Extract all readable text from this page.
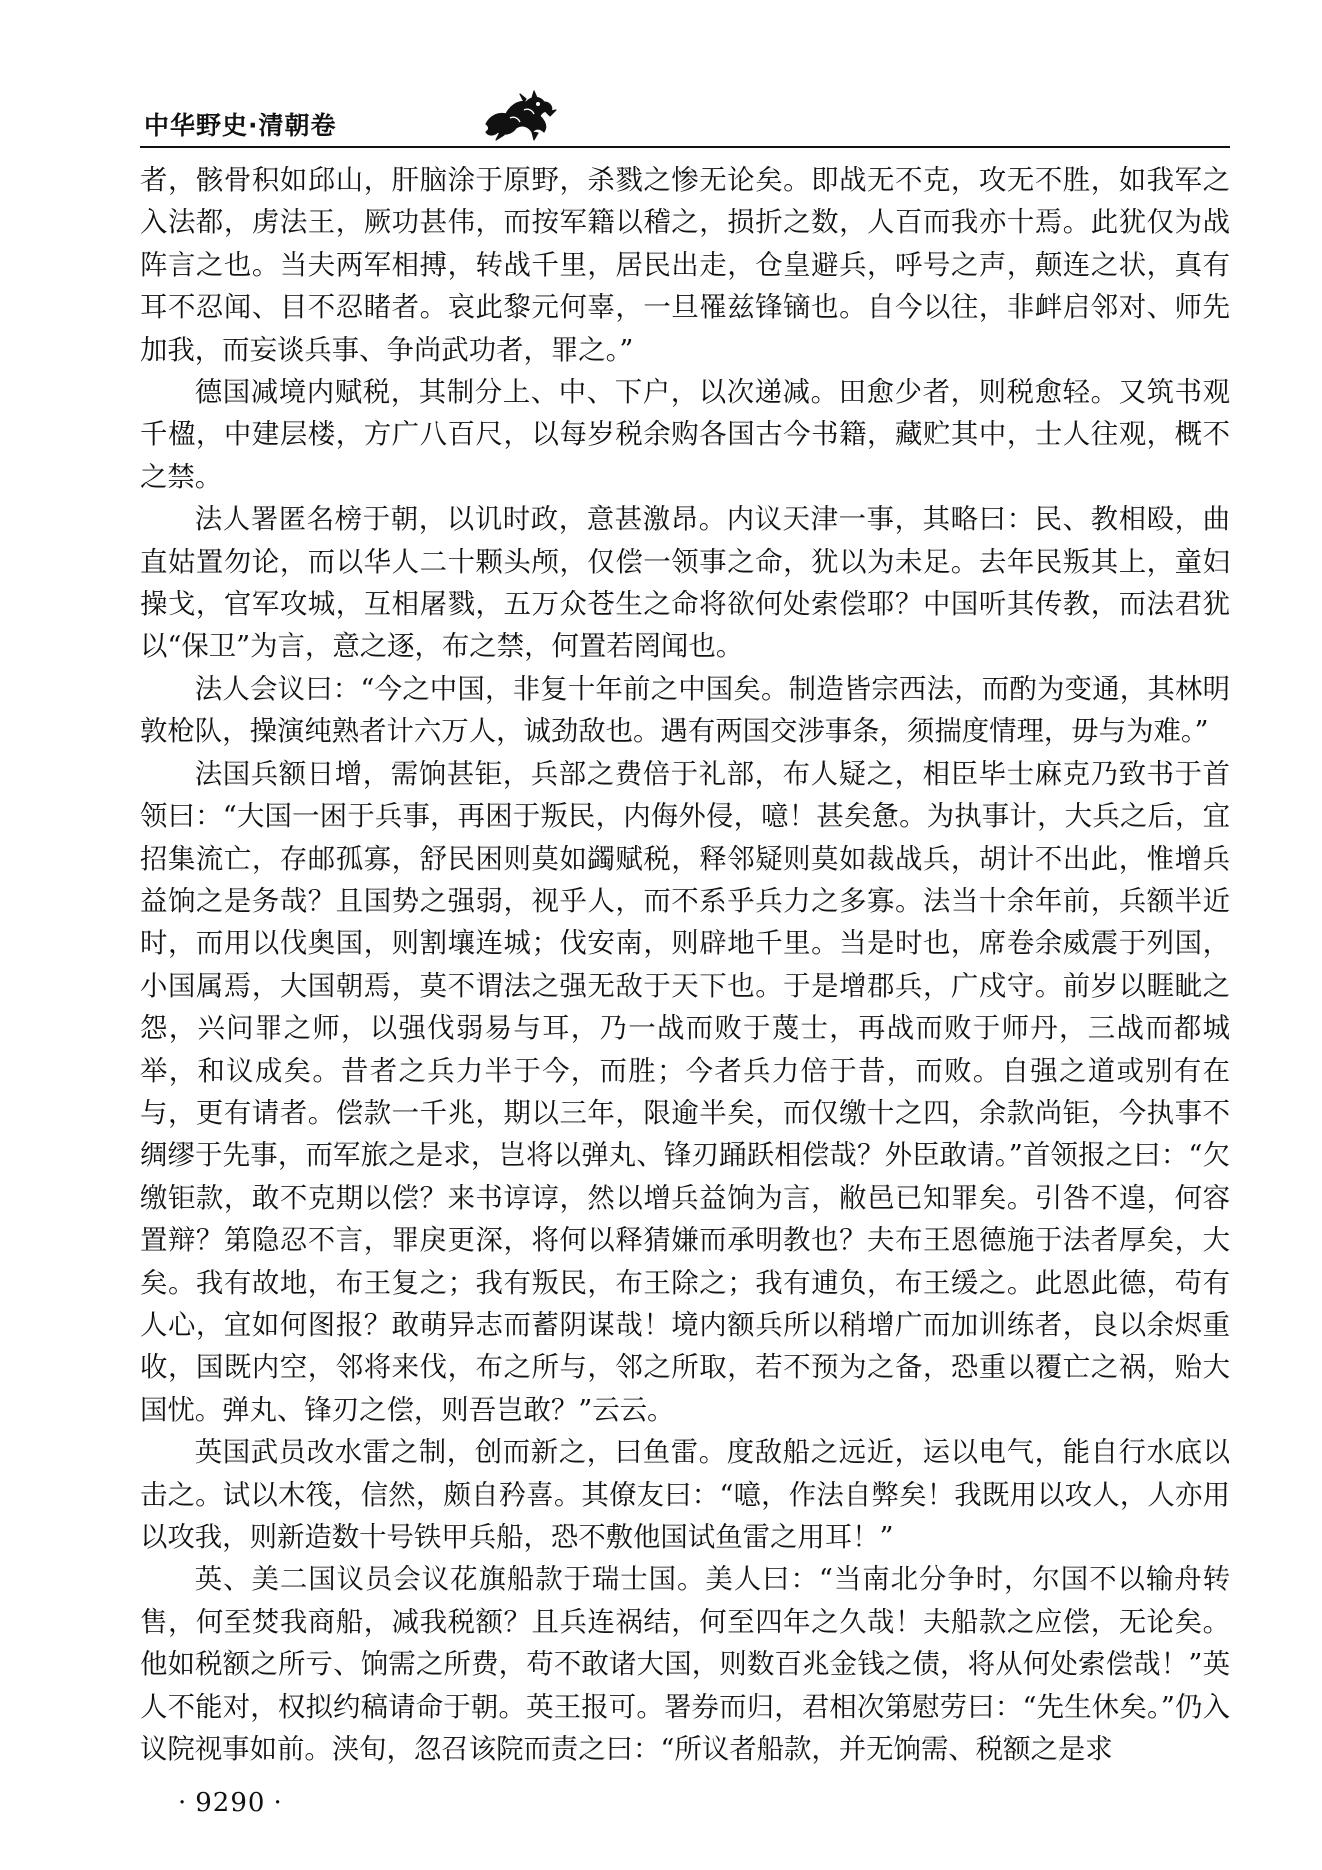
中华野史·清朝卷

者，骸骨积如邱山，肝脑涂于原野，杀戮之惨无论矣。即战无不克，攻无不胜，如我军之入法都，虏法王，厥功甚伟，而按军籍以稽之，损折之数，人百而我亦十焉。此犹仅为战阵言之也。当夫两军相搏，转战千里，居民出走，仓皇避兵，呼号之声，颠连之状，真有耳不忍闻、目不忍睹者。哀此黎元何辜，一旦罹兹锋镝也。自今以往，非衅启邻对、师先加我，而妄谈兵事、争尚武功者，罪之。”

德国减境内赋税，其制分上、中、下户，以次递减。田愈少者，则税愈轻。又筑书观千楹，中建层楼，方广八百尺，以每岁税余购各国古今书籍，藏贮其中，士人往观，概不之禁。

法人署匿名榜于朝，以讥时政，意甚激昂。内议天津一事，其略曰：民、教相殴，曲直姑置勿论，而以华人二十颗头颅，仅偿一领事之命，犹以为未足。去年民叛其上，童妇操戈，官军攻城，互相屠戮，五万众苍生之命将欲何处索偿耶？中国听其传教，而法君犹以“保卫”为言，意之逐，布之禁，何置若罔闻也。

法人会议曰：“今之中国，非复十年前之中国矣。制造皆宗西法，而酌为变通，其林明敦枪队，操演纯熟者计六万人，诚劲敌也。遇有两国交涉事条，须揣度情理，毋与为难。”

法国兵额日增，需饷甚钜，兵部之费倍于礼部，布人疑之，相臣毕士麻克乃致书于首领曰：“大国一困于兵事，再困于叛民，内侮外侵，噫！甚矣惫。为执事计，大兵之后，宜招集流亡，存邮孤寡，舒民困则莫如蠲赋税，释邻疑则莫如裁战兵，胡计不出此，惟增兵益饷之是务哉？且国势之强弱，视乎人，而不系乎兵力之多寡。法当十余年前，兵额半近时，而用以伐奥国，则割壤连城；伐安南，则辟地千里。当是时也，席卷余威震于列国，小国属焉，大国朝焉，莫不谓法之强无敌于天下也。于是增郡兵，广戍守。前岁以睚眦之怨，兴问罪之师，以强伐弱易与耳，乃一战而败于蔑士，再战而败于师丹，三战而都城举，和议成矣。昔者之兵力半于今，而胜；今者兵力倍于昔，而败。自强之道或别有在与，更有请者。偿款一千兆，期以三年，限逾半矣，而仅缴十之四，余款尚钜，今执事不绸缪于先事，而军旅之是求，岂将以弹丸、锋刃踊跃相偿哉？外臣敢请。”首领报之曰：“欠缴钜款，敢不克期以偿？来书谆谆，然以增兵益饷为言，敝邑已知罪矣。引咎不遑，何容置辩？第隐忍不言，罪戾更深，将何以释猜嫌而承明教也？夫布王恩德施于法者厚矣，大矣。我有故地，布王复之；我有叛民，布王除之；我有逋负，布王缓之。此恩此德，苟有人心，宜如何图报？敢萌异志而蓄阴谋哉！境内额兵所以稍增广而加训练者，良以余烬重收，国既内空，邻将来伐，布之所与，邻之所取，若不预为之备，恐重以覆亡之祸，贻大国忧。弹丸、锋刃之偿，则吾岂敢？”云云。

英国武员改水雷之制，创而新之，曰鱼雷。度敌船之远近，运以电气，能自行水底以击之。试以木筏，信然，颇自矜喜。其僚友曰：“噫，作法自弊矣！我既用以攻人，人亦用以攻我，则新造数十号铁甲兵船，恐不敷他国试鱼雷之用耳！”

英、美二国议员会议花旗船款于瑞士国。美人曰：“当南北分争时，尔国不以输舟转售，何至焚我商船，减我税额？且兵连祸结，何至四年之久哉！夫船款之应偿，无论矣。他如税额之所亏、饷需之所费，苟不敢诸大国，则数百兆金钱之债，将从何处索偿哉！”英人不能对，权拟约稿请命于朝。英王报可。署券而归，君相次第慰劳曰：“先生休矣。”仍入议院视事如前。浃旬，忽召该院而责之曰：“所议者船款，并无饷需、税额之是求

· 9290 ·
